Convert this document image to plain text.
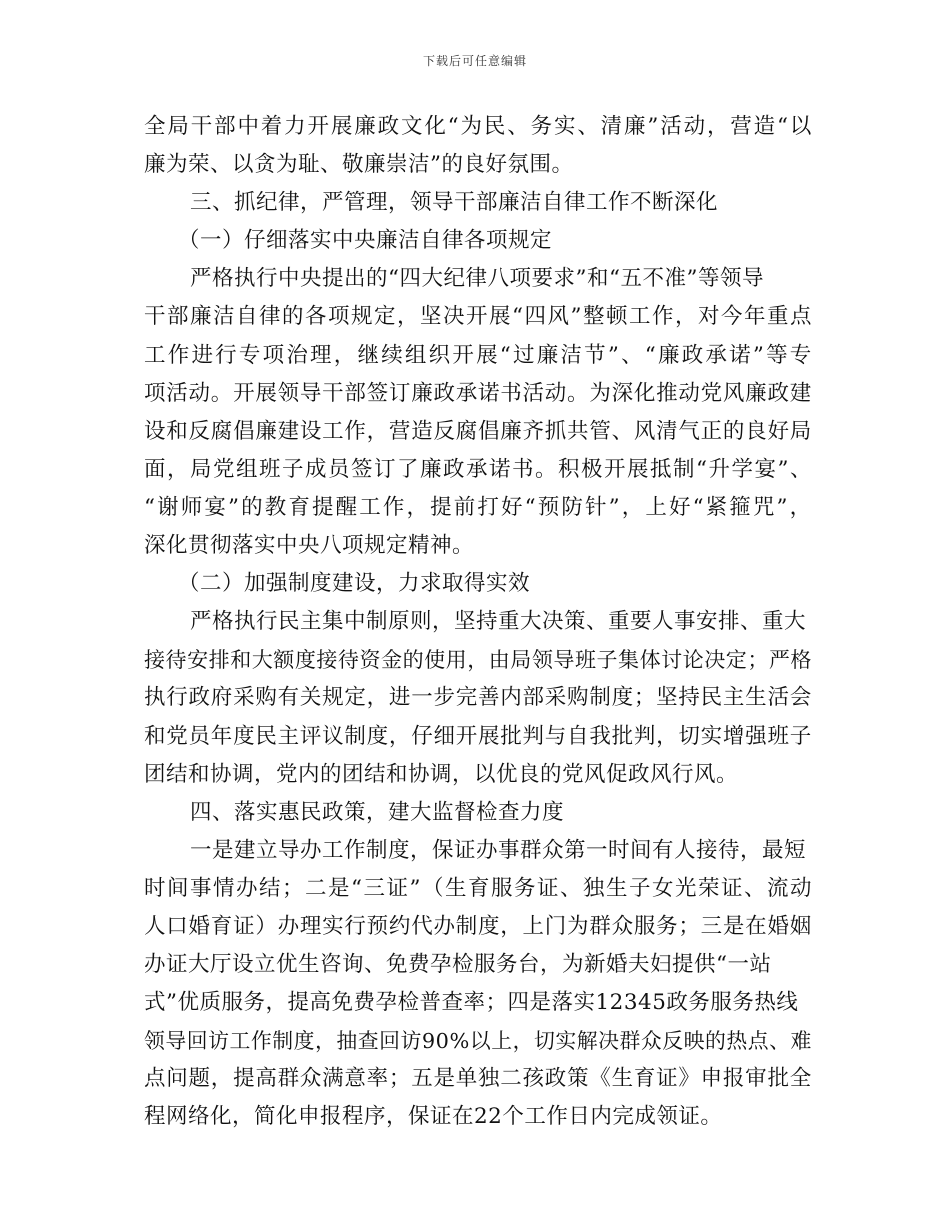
下载后可任意编辑
全 局 干 部 中 着 力 开 展 廉 政 文 化 “ 为 民 、 务 实 、 清 廉 ” 活 动 ， 营 造 “ 以
廉为荣、以贪为耻、敬廉崇洁”的良好氛围。
三、抓纪律，严管理，领导干部廉洁自律工作不断深化
（一）仔细落实中央廉洁自律各项规定
严格执行中央提出的“四大纪律八项要求”和“五不准”等领导
干 部 廉 洁 自 律 的 各 项 规 定 ， 坚 决 开 展 “ 四 风 ” 整 顿 工 作 ， 对 今 年 重 点
工 作 进 行 专 项 治 理 ， 继 续 组 织 开 展 “ 过 廉 洁 节 ” 、 “ 廉 政 承 诺 ” 等 专
项 活 动 。 开 展 领 导 干 部 签 订 廉 政 承 诺 书 活 动 。 为 深 化 推 动 党 风 廉 政 建
设 和 反 腐 倡 廉 建 设 工 作 ， 营 造 反 腐 倡 廉 齐 抓 共 管 、 风 清 气 正 的 良 好 局
面 ， 局 党 组 班 子 成 员 签 订 了 廉 政 承 诺 书 。 积 极 开 展 抵 制 “ 升 学 宴 ” 、
“ 谢 师 宴 ” 的 教 育 提 醒 工 作 ， 提 前 打 好 “ 预 防 针 ” ， 上 好 “ 紧 箍 咒 ” ，
深化贯彻落实中央八项规定精神。
（二）加强制度建设，力求取得实效
严格执行民主集中制原则，坚持重大决策、重要人事安排、重大
接 待 安 排 和 大 额 度 接 待 资 金 的 使 用 ， 由 局 领 导 班 子 集 体 讨 论 决 定 ； 严 格
执 行 政 府 采 购 有 关 规 定 ， 进 一 步 完 善 内 部 采 购 制 度 ； 坚 持 民 主 生 活 会
和 党 员 年 度 民 主 评 议 制 度 ， 仔 细 开 展 批 判 与 自 我 批 判 ， 切 实 增 强 班 子
团结和协调，党内的团结和协调，以优良的党风促政风行风。
四、落实惠民政策，建大监督检查力度
一是建立导办工作制度，保证办事群众第一时间有人接待，最短
时 间 事 情 办 结 ； 二 是 “ 三 证 ” （ 生 育 服 务 证 、 独 生 子 女 光 荣 证 、 流 动
人 口 婚 育 证 ） 办 理 实 行 预 约 代 办 制 度 ， 上 门 为 群 众 服 务 ； 三 是 在 婚 姻
办证大厅设立优生咨询、免费孕检服务台，为新婚夫妇提供“一站
式”优质服务，提高免费孕检普查率；四是落实12345政务服务热线
领 导 回 访 工 作 制 度 ， 抽 查 回 访 9 0 % 以 上 ， 切 实 解 决 群 众 反 映 的 热 点 、 难
点 问 题 ， 提 高 群 众 满 意 率 ； 五 是 单 独 二 孩 政 策 《 生 育 证 》 申 报 审 批 全
程网络化，简化申报程序，保证在22个工作日内完成领证。
